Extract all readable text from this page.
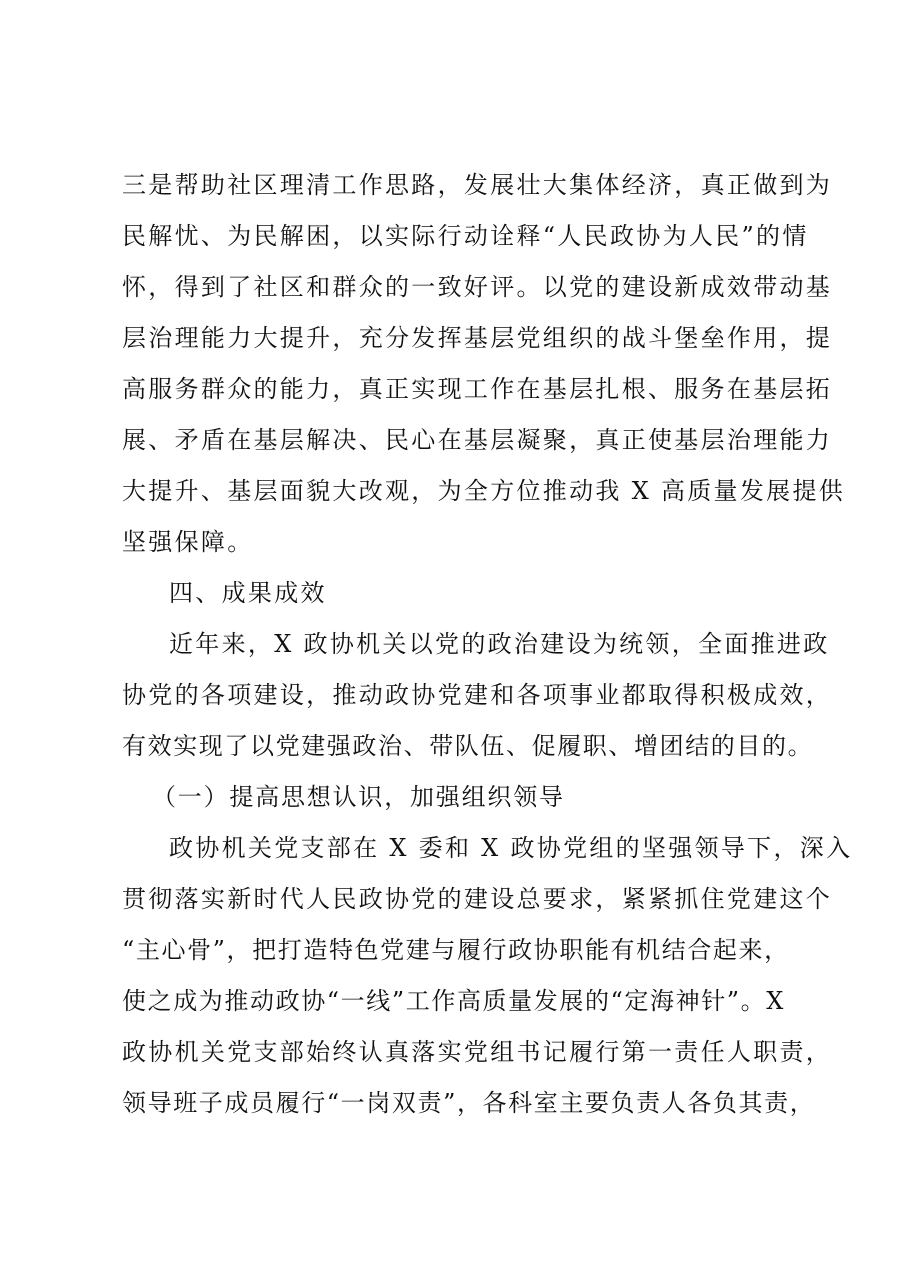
三是帮助社区理清工作思路，发展壮大集体经济，真正做到为
民解忧、为民解困，以实际行动诠释“人民政协为人民”的情
怀，得到了社区和群众的一致好评。以党的建设新成效带动基
层治理能力大提升，充分发挥基层党组织的战斗堡垒作用，提
高服务群众的能力，真正实现工作在基层扎根、服务在基层拓
展、矛盾在基层解决、民心在基层凝聚，真正使基层治理能力
大提升、基层面貌大改观，为全方位推动我 X 高质量发展提供
坚强保障。
四、成果成效
近年来，X 政协机关以党的政治建设为统领，全面推进政
协党的各项建设，推动政协党建和各项事业都取得积极成效，
有效实现了以党建强政治、带队伍、促履职、增团结的目的。
（一）提高思想认识，加强组织领导
政协机关党支部在 X 委和 X 政协党组的坚强领导下，深入
贯彻落实新时代人民政协党的建设总要求，紧紧抓住党建这个
“主心骨”，把打造特色党建与履行政协职能有机结合起来，
使之成为推动政协“一线”工作高质量发展的“定海神针”。X
政协机关党支部始终认真落实党组书记履行第一责任人职责，
领导班子成员履行“一岗双责”，各科室主要负责人各负其责，
